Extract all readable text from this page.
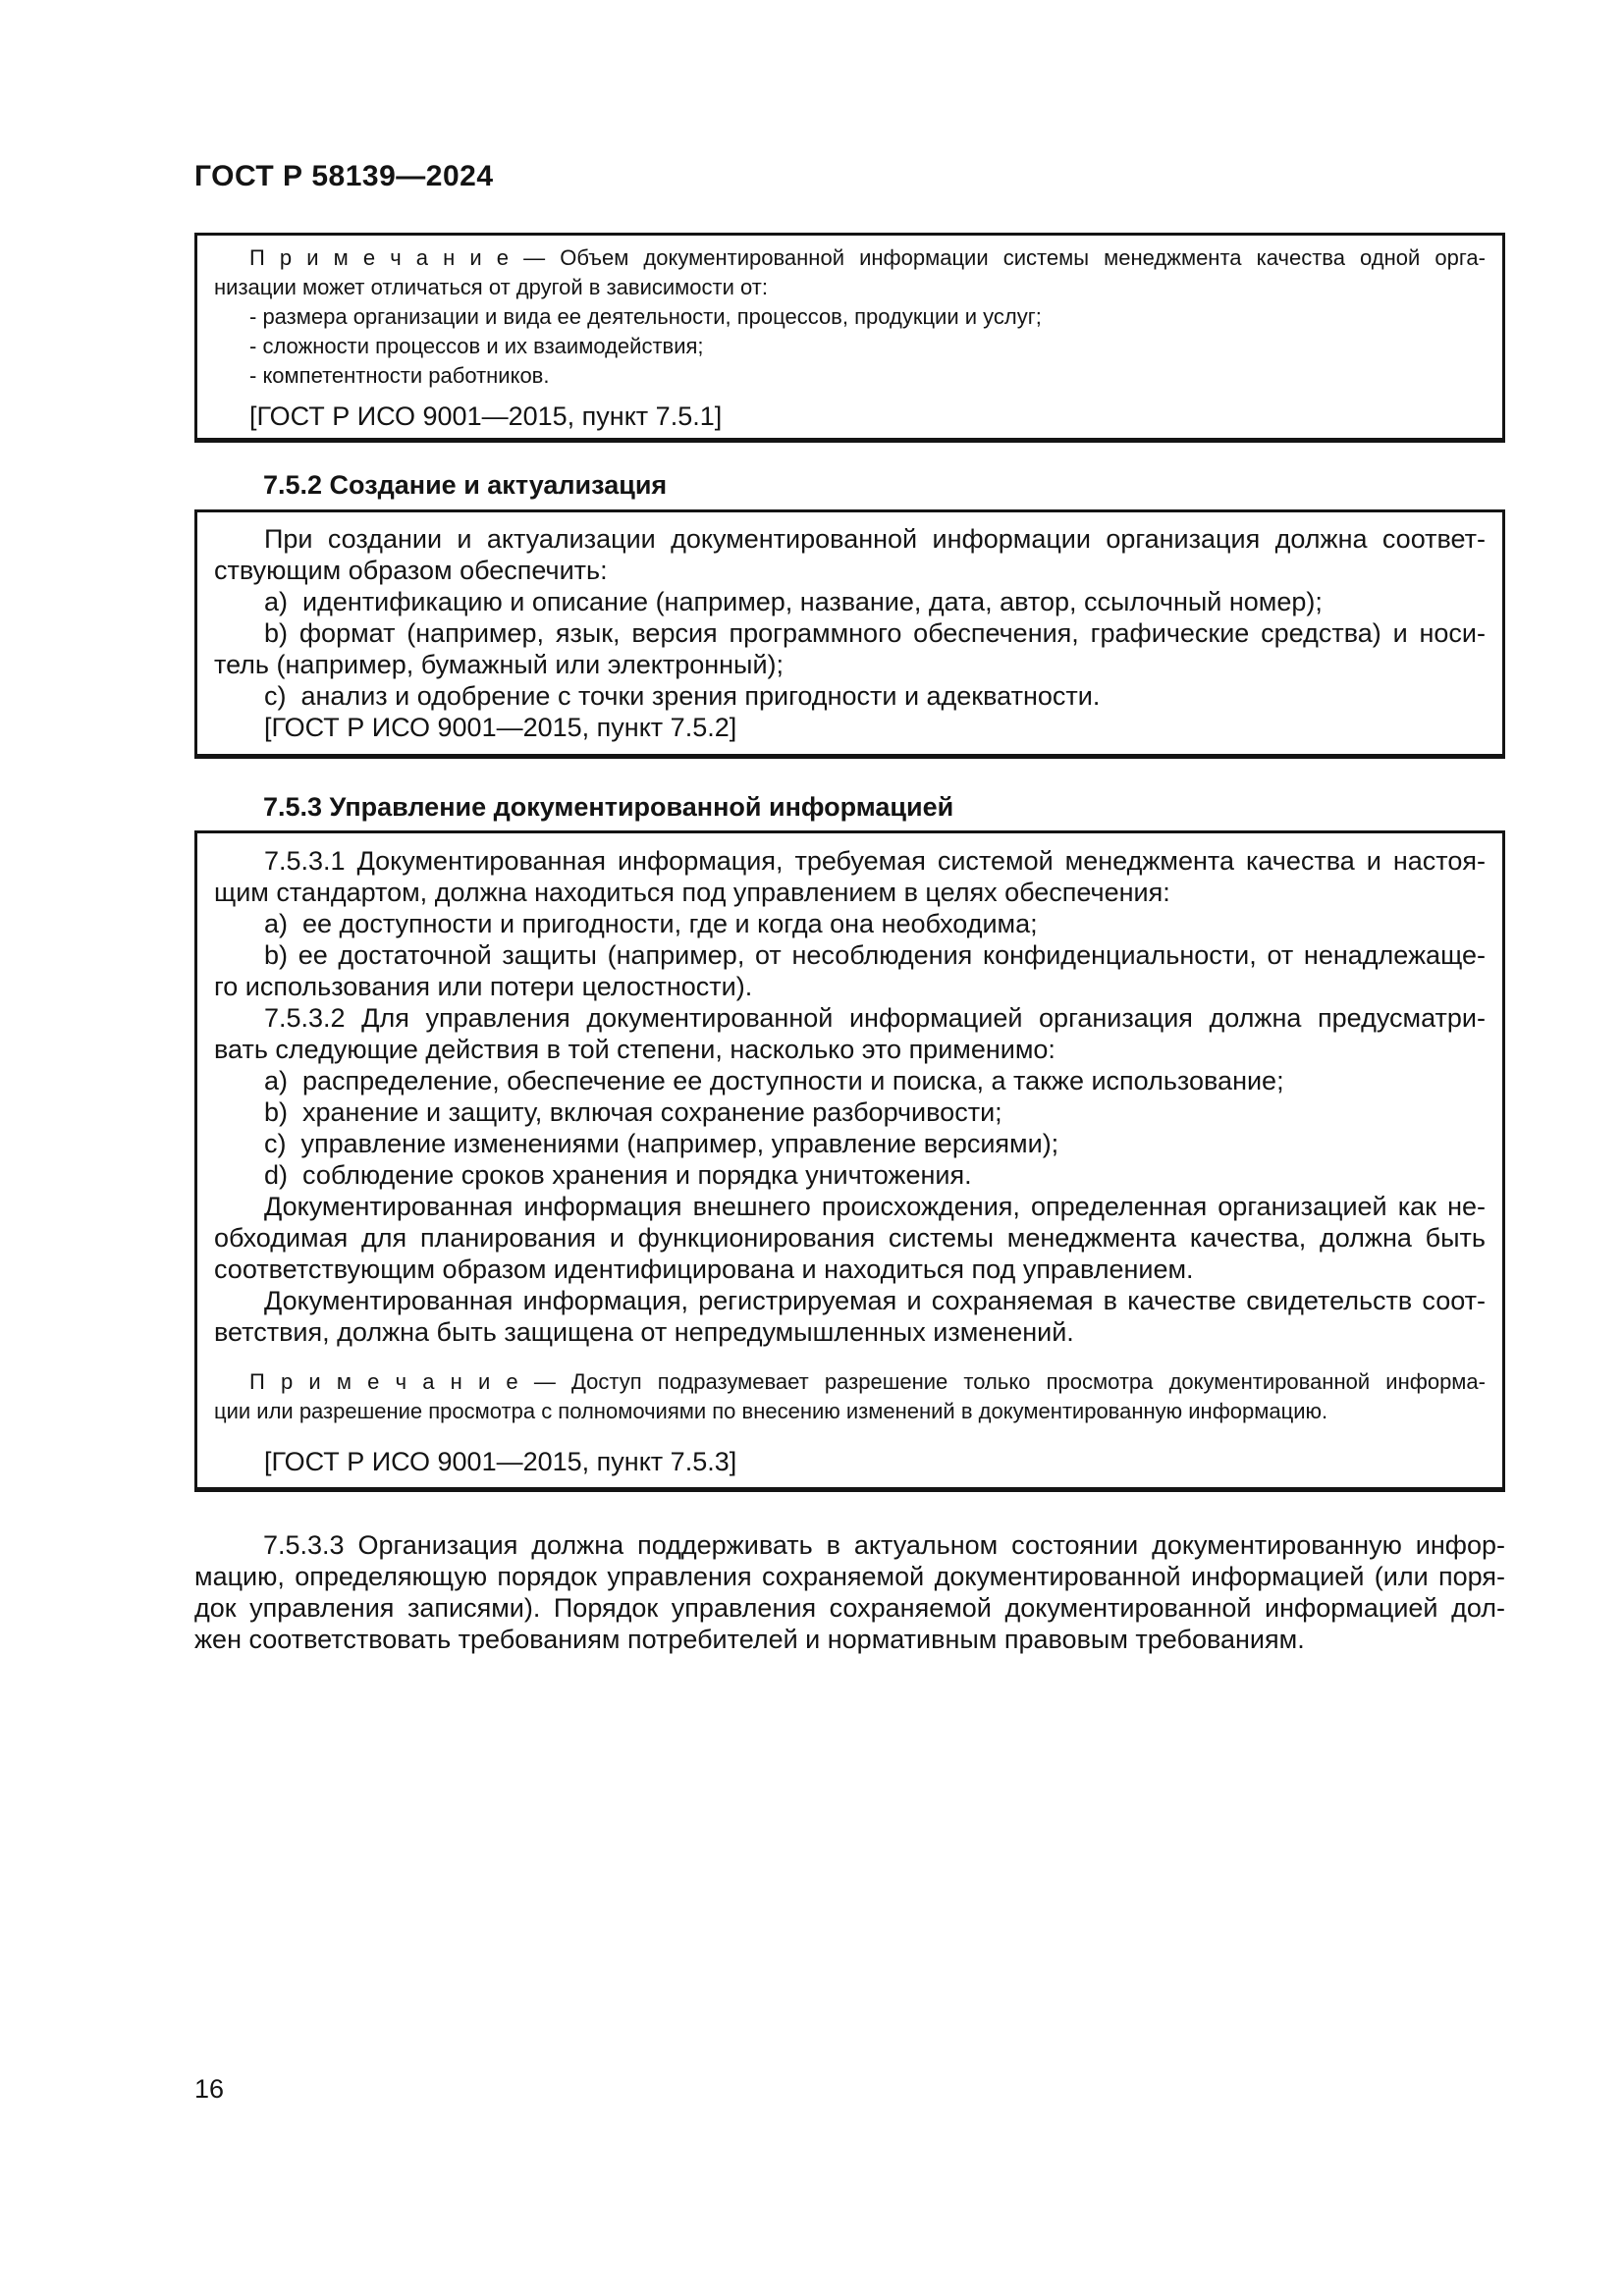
ГОСТ Р 58139—2024
П р и м е ч а н и е — Объем документированной информации системы менеджмента качества одной орга-
низации может отличаться от другой в зависимости от:
- размера организации и вида ее деятельности, процессов, продукции и услуг;
- сложности процессов и их взаимодействия;
- компетентности работников.
[ГОСТ Р ИСО 9001—2015, пункт 7.5.1]
7.5.2 Создание и актуализация
При создании и актуализации документированной информации организация должна соответ-
ствующим образом обеспечить:
a)  идентификацию и описание (например, название, дата, автор, ссылочный номер);
b) формат (например, язык, версия программного обеспечения, графические средства) и носи-
тель (например, бумажный или электронный);
c)  анализ и одобрение с точки зрения пригодности и адекватности.
[ГОСТ Р ИСО 9001—2015, пункт 7.5.2]
7.5.3 Управление документированной информацией
7.5.3.1 Документированная информация, требуемая системой менеджмента качества и настоя-
щим стандартом, должна находиться под управлением в целях обеспечения:
a)  ее доступности и пригодности, где и когда она необходима;
b) ее достаточной защиты (например, от несоблюдения конфиденциальности, от ненадлежаще-
го использования или потери целостности).
7.5.3.2 Для управления документированной информацией организация должна предусматри-
вать следующие действия в той степени, насколько это применимо:
a)  распределение, обеспечение ее доступности и поиска, а также использование;
b)  хранение и защиту, включая сохранение разборчивости;
c)  управление изменениями (например, управление версиями);
d)  соблюдение сроков хранения и порядка уничтожения.
Документированная информация внешнего происхождения, определенная организацией как не-
обходимая для планирования и функционирования системы менеджмента качества, должна быть
соответствующим образом идентифицирована и находиться под управлением.
Документированная информация, регистрируемая и сохраняемая в качестве свидетельств соот-
ветствия, должна быть защищена от непредумышленных изменений.
П р и м е ч а н и е — Доступ подразумевает разрешение только просмотра документированной информа-
ции или разрешение просмотра с полномочиями по внесению изменений в документированную информацию.
[ГОСТ Р ИСО 9001—2015, пункт 7.5.3]
7.5.3.3 Организация должна поддерживать в актуальном состоянии документированную инфор-
мацию, определяющую порядок управления сохраняемой документированной информацией (или поря-
док управления записями). Порядок управления сохраняемой документированной информацией дол-
жен соответствовать требованиям потребителей и нормативным правовым требованиям.
16
